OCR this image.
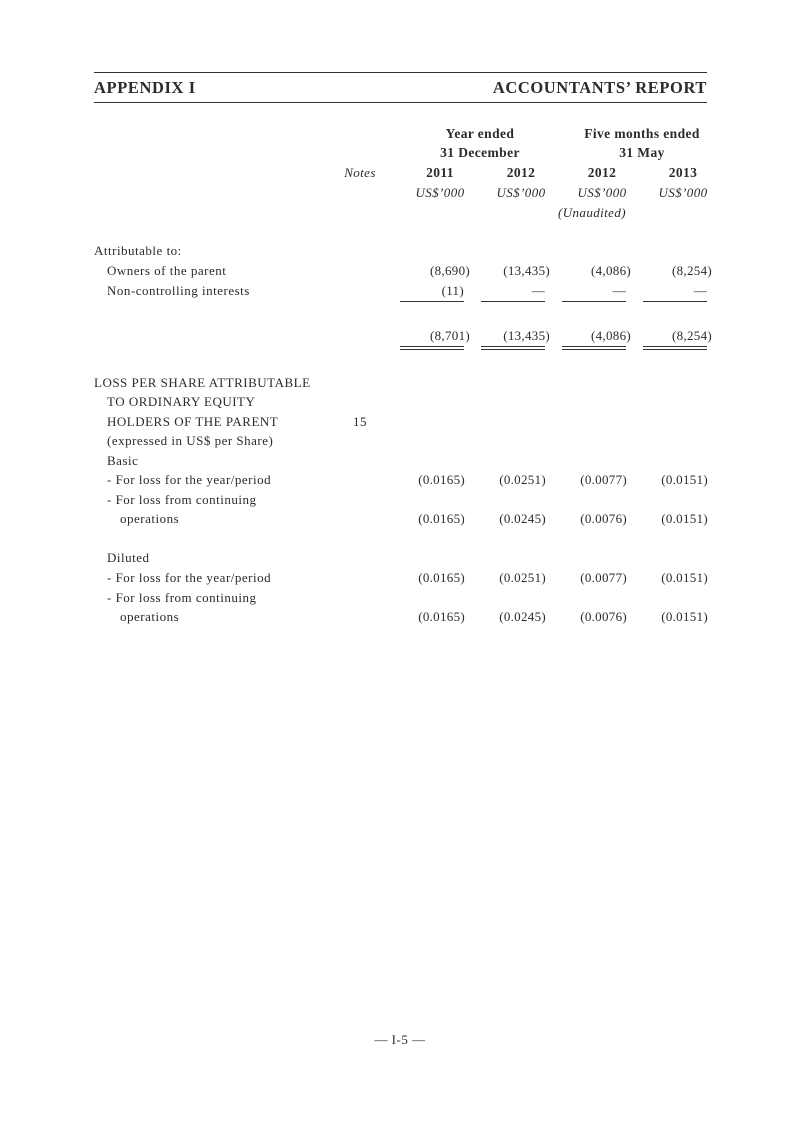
APPENDIX I	ACCOUNTANTS’ REPORT
Year ended
31 December
Five months ended
31 May
Notes	2011	2012	2012	2013
US$’000	US$’000	US$’000	US$’000
(Unaudited)
Attributable to:
Owners of the parent	(8,690)	(13,435)	(4,086)	(8,254)
Non-controlling interests	(11)	—	—	—
(8,701)	(13,435)	(4,086)	(8,254)
LOSS PER SHARE ATTRIBUTABLE
TO ORDINARY EQUITY
HOLDERS OF THE PARENT	15
(expressed in US$ per Share)
Basic
- For loss for the year/period	(0.0165)	(0.0251)	(0.0077)	(0.0151)
- For loss from continuing
operations	(0.0165)	(0.0245)	(0.0076)	(0.0151)
Diluted
- For loss for the year/period	(0.0165)	(0.0251)	(0.0077)	(0.0151)
- For loss from continuing
operations	(0.0165)	(0.0245)	(0.0076)	(0.0151)
— I-5 —
